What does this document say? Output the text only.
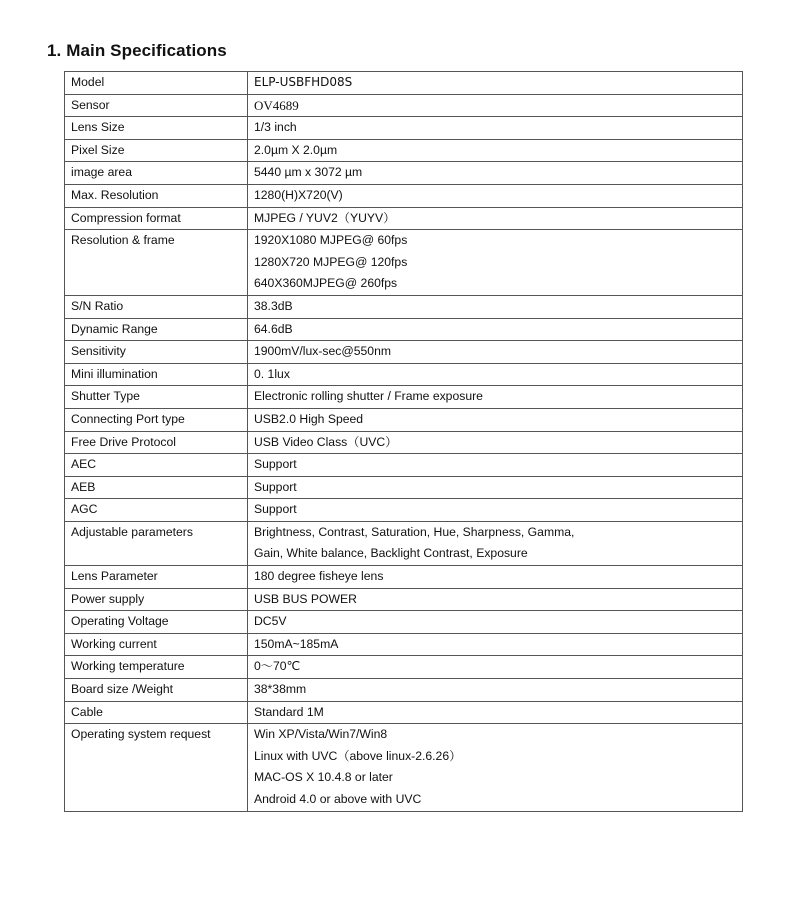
1. Main Specifications
Model	ELP-USBFHD08S

Sensor	OV4689

Lens Size	1/3 inch

Pixel Size	2.0µm X 2.0µm

image area	5440 µm x 3072 µm

Max. Resolution	1280(H)X720(V)

Compression format	MJPEG / YUV2（YUYV）

Resolution & frame	1920X1080 MJPEG@ 60fps
1280X720 MJPEG@ 120fps
640X360MJPEG@ 260fps

S/N Ratio	38.3dB

Dynamic Range	64.6dB

Sensitivity	1900mV/lux-sec@550nm

Mini illumination	0. 1lux

Shutter Type	Electronic rolling shutter / Frame exposure

Connecting Port type	USB2.0 High Speed

Free Drive Protocol	USB Video Class（UVC）

AEC	Support

AEB	Support

AGC	Support

Adjustable parameters	Brightness, Contrast, Saturation, Hue, Sharpness, Gamma,
Gain, White balance, Backlight Contrast, Exposure

Lens Parameter	180 degree fisheye lens

Power supply	USB BUS POWER

Operating Voltage	DC5V

Working current	150mA~185mA

Working temperature	0～70℃

Board size /Weight	38*38mm

Cable	Standard 1M

Operating system request	Win XP/Vista/Win7/Win8
Linux with UVC（above linux-2.6.26）
MAC-OS X 10.4.8 or later
Android 4.0 or above with UVC
